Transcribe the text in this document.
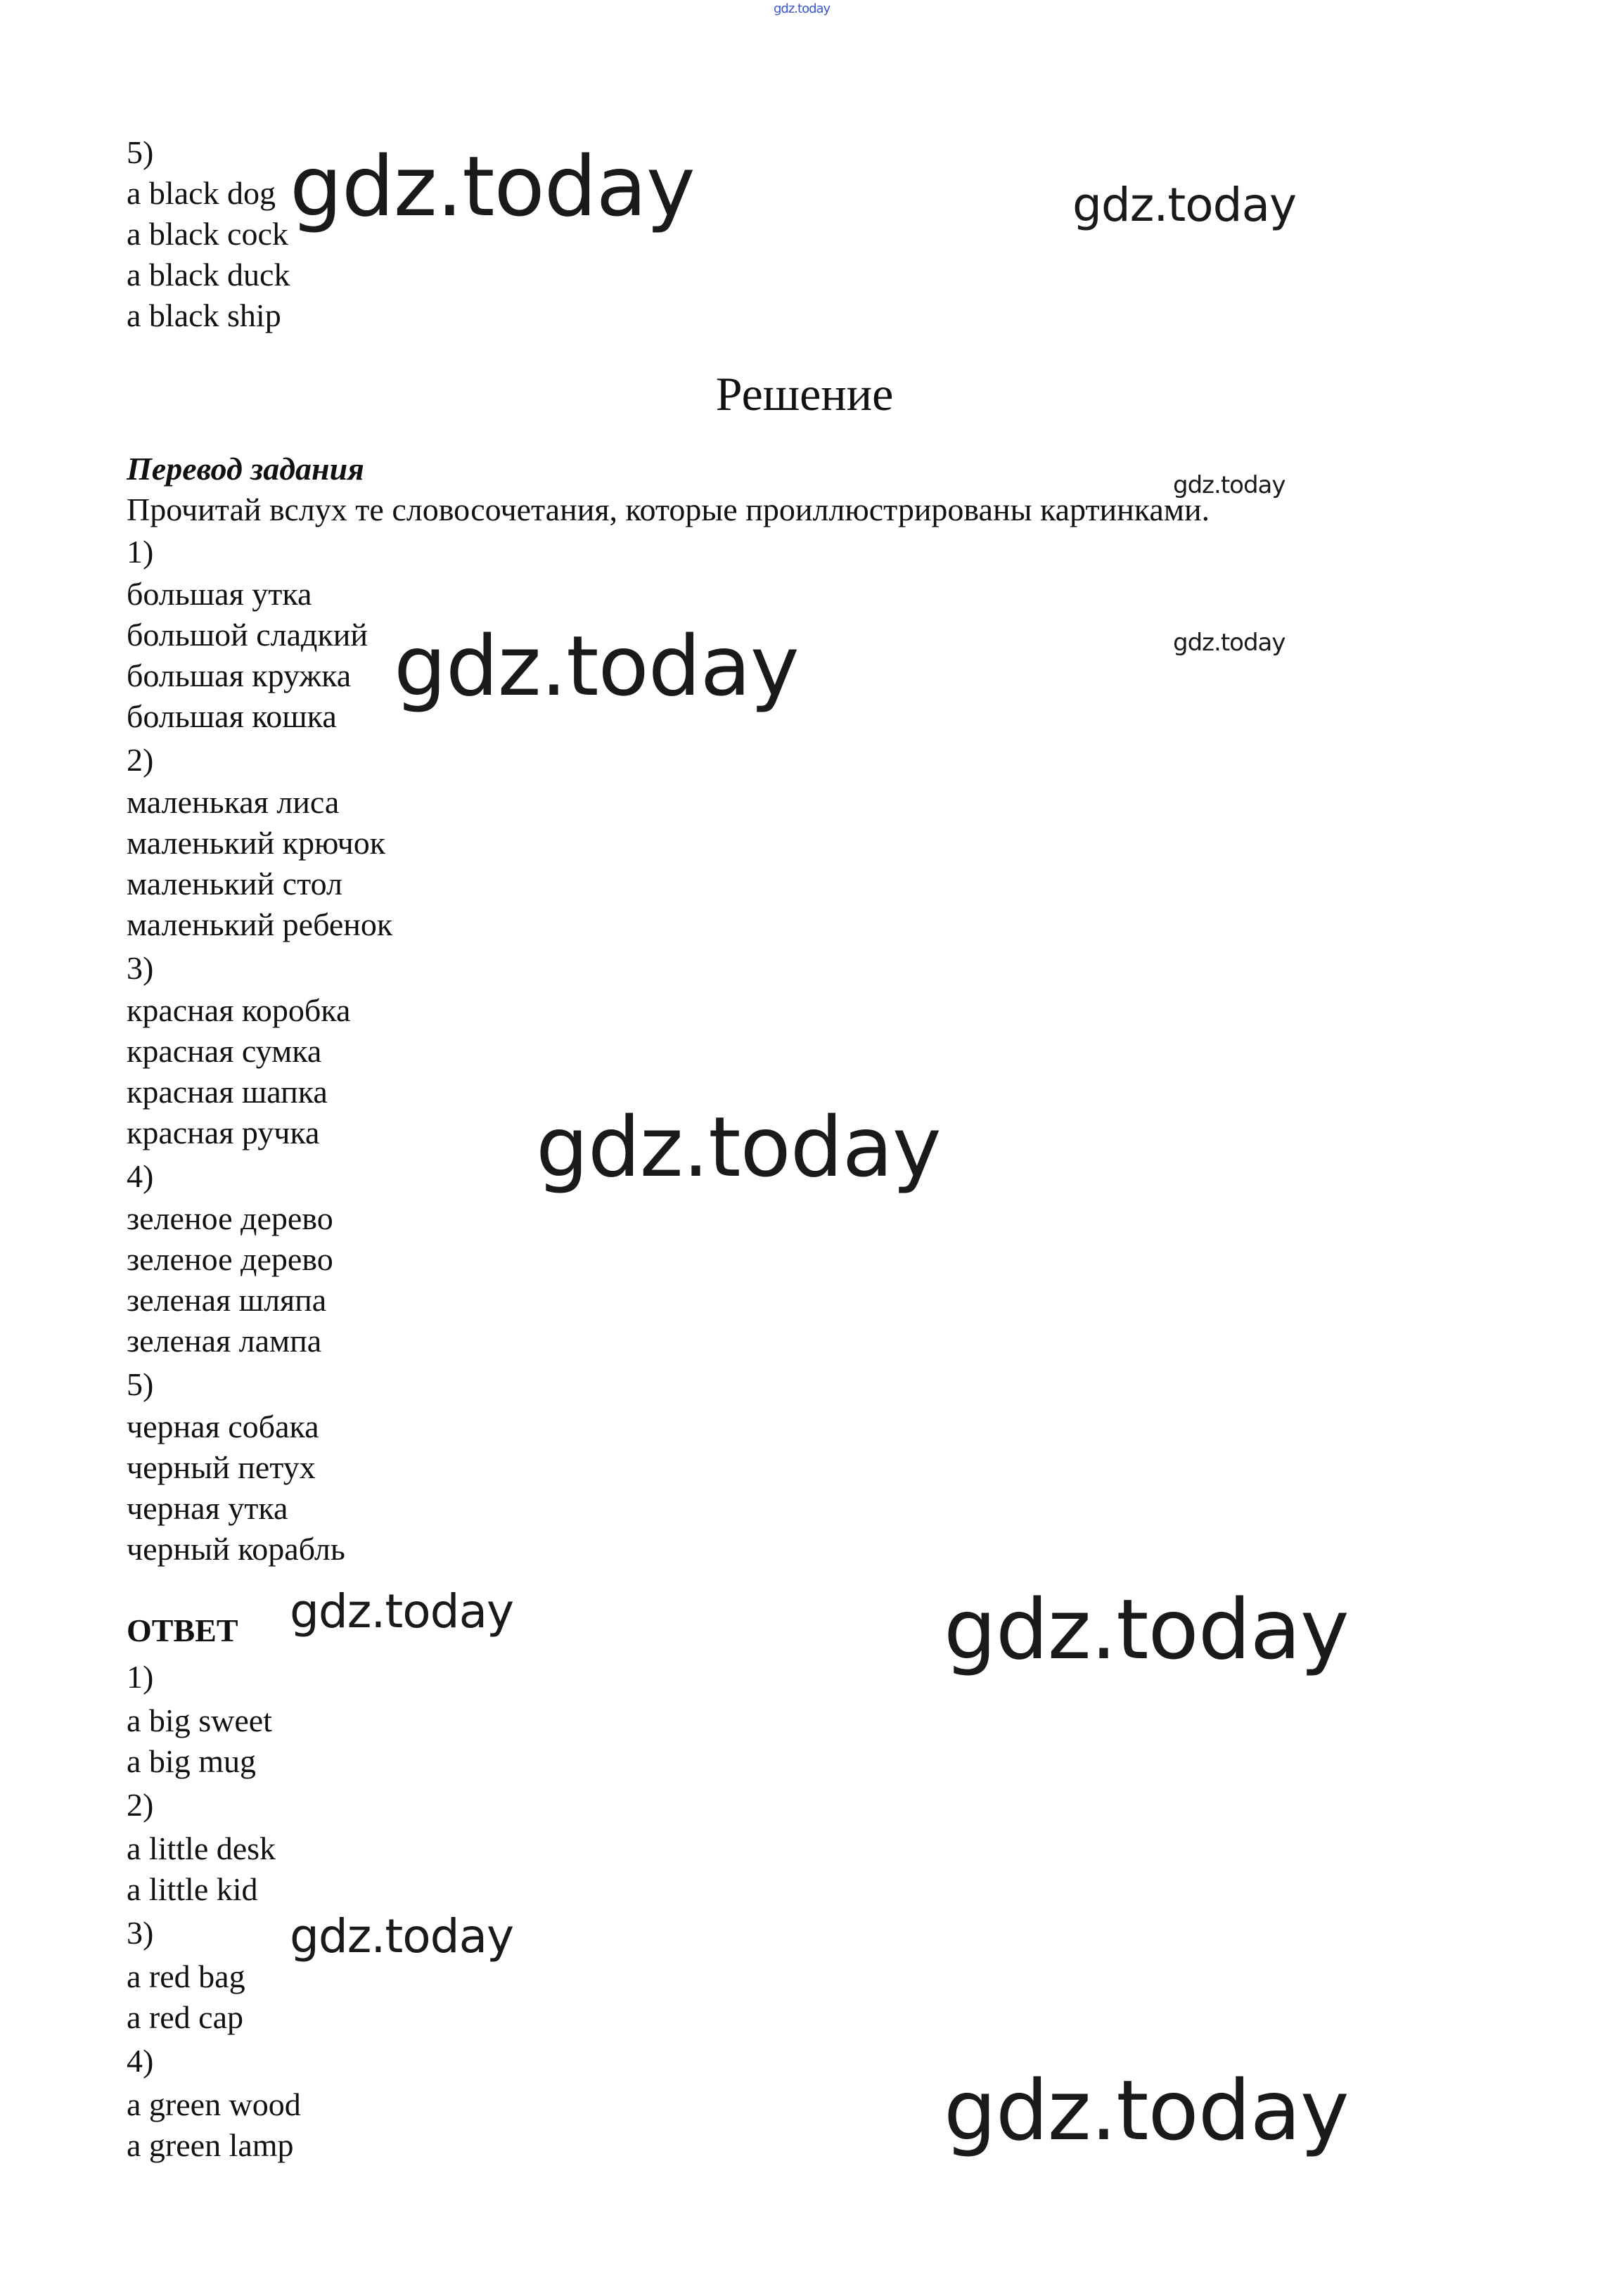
gdz.today
5)
a black dog
a black cock
a black duck
a black ship
Решение
Перевод задания
Прочитай вслух те словосочетания, которые проиллюстрированы картинками.
1)
большая утка
большой сладкий
большая кружка
большая кошка
2)
маленькая лиса
маленький крючок
маленький стол
маленький ребенок
3)
красная коробка
красная сумка
красная шапка
красная ручка
4)
зеленое дерево
зеленое дерево
зеленая шляпа
зеленая лампа
5)
черная собака
черный петух
черная утка
черный корабль
ОТВЕТ
1)
a big sweet
a big mug
2)
a little desk
a little kid
3)
a red bag
a red cap
4)
a green wood
a green lamp
gdz.today	gdz.today
gdz.today
gdz.today	gdz.today
gdz.today
gdz.today	gdz.today
gdz.today
gdz.today
